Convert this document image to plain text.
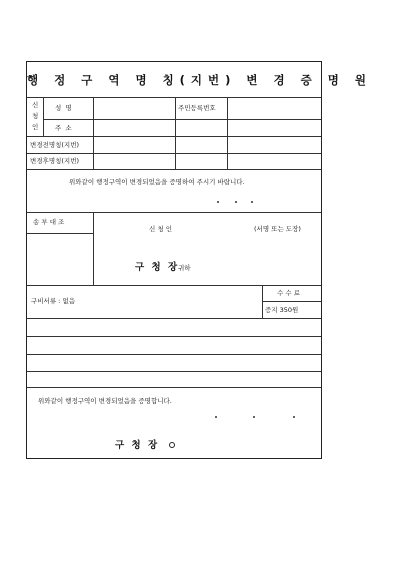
행 정 구 역 명 칭(지번) 변 경 증 명 원
신
청
인
성  명	주민등록번호
주  소
변경전명칭(지번)
변경후명칭(지번)
위와같이 행정구역이 변경되었음을 증명하여 주시기 바랍니다.
송 부 대 조
신 청 인	(서명 또는 도장)
구 청 장
귀하
구비서류 : 없음
수 수 료
증지 350원
위와같이 행정구역이 변경되었음을 증명합니다.
구 청 장
